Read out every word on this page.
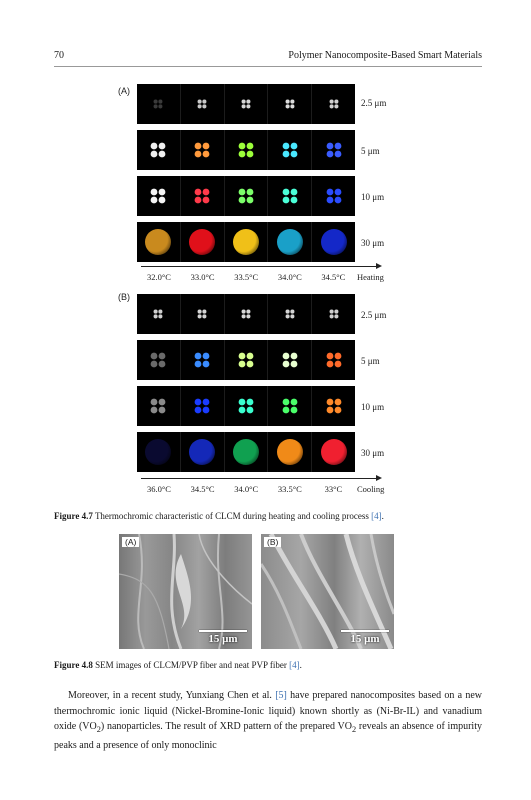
70	Polymer Nanocomposite-Based Smart Materials
(A)
32.0°C	33.0°C	33.5°C	34.0°C	34.5°C	Heating
(B)
36.0°C	34.5°C	34.0°C	33.5°C	33°C	Cooling
Figure 4.7 Thermochromic characteristic of CLCM during heating and cooling process [4].
(A)
15 μm
(B)
15 μm
Figure 4.8 SEM images of CLCM/PVP fiber and neat PVP fiber [4].

Moreover, in a recent study, Yunxiang Chen et al. [5] have prepared nanocomposites based on a new thermochromic ionic liquid (Nickel-Bromine-Ionic liquid) known shortly as (Ni-Br-IL) and vanadium oxide $(VO_2)$ nanoparticles. The result of XRD pattern of the prepared $VO_2$ reveals an absence of impurity peaks and a presence of only monoclinic

2.5 μm
5 μm
10 μm
30 μm
2.5 μm
5 μm
10 μm
30 μm
